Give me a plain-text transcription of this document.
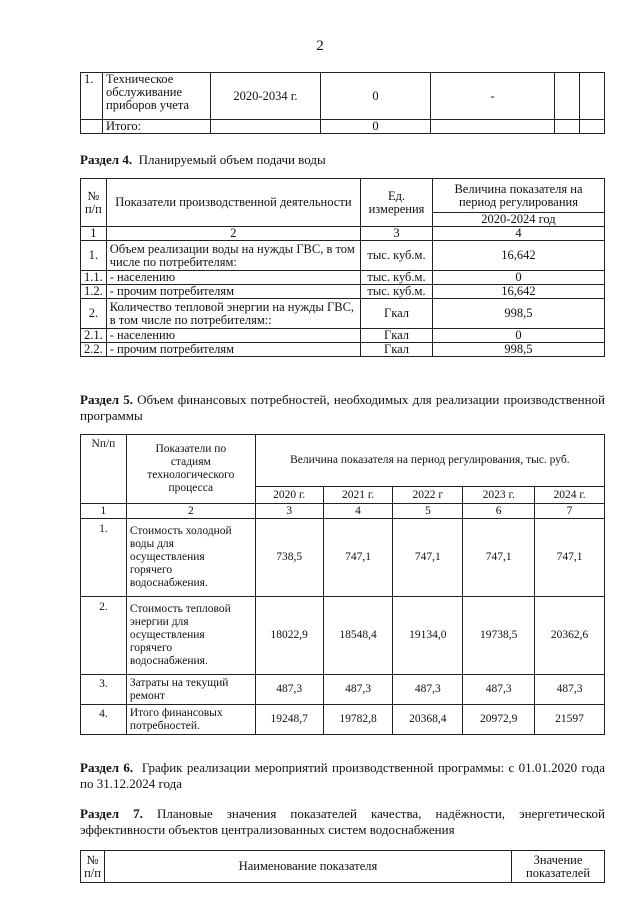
2
1.	Техническое
обслуживание
приборов учета	2020-2034 г.	0	-		
	Итого:		0			
Раздел 4. Планируемый объем подачи воды
№ п/п	Показатели производственной деятельности	Ед. измерения	Величина показателя на период регулирования
			2020-2024 год
1	2	3	4
1.	Объем реализации воды на нужды ГВС, в том числе по потребителям:	тыс. куб.м.	16,642
1.1.	- населению	тыс. куб.м.	0
1.2.	- прочим потребителям	тыс. куб.м.	16,642
2.	Количество тепловой энергии на нужды ГВС, в том числе по потребителям::	Гкал	998,5
2.1.	- населению	Гкал	0
2.2.	- прочим потребителям	Гкал	998,5
Раздел 5. Объем финансовых потребностей, необходимых для реализации производственной программы
Nп/п	Показатели по стадиям технологического процесса	Величина показателя на период регулирования, тыс. руб.				
		2020 г.	2021 г.	2022 г	2023 г.	2024 г.
1	2	3	4	5	6	7
1.	Стоимость холодной воды для осуществления горячего водоснабжения.	738,5	747,1	747,1	747,1	747,1
2.	Стоимость тепловой энергии для осуществления горячего водоснабжения.	18022,9	18548,4	19134,0	19738,5	20362,6
3.	Затраты на текущий ремонт	487,3	487,3	487,3	487,3	487,3
4.	Итого финансовых потребностей.	19248,7	19782,8	20368,4	20972,9	21597
Раздел 6. График реализации мероприятий производственной программы: с 01.01.2020 года по 31.12.2024 года
Раздел 7. Плановые значения показателей качества, надёжности, энергетической эффективности объектов централизованных систем водоснабжения
№ п/п	Наименование показателя	Значение показателей
